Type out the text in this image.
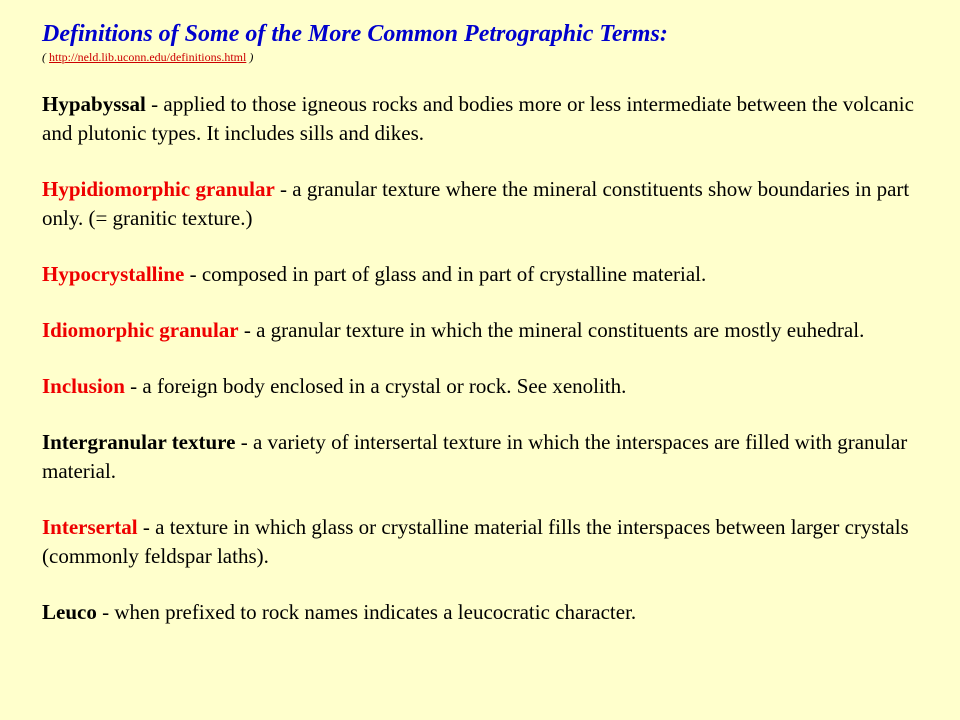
Definitions of Some of the More Common Petrographic Terms:
( http://neld.lib.uconn.edu/definitions.html )

Hypabyssal - applied to those igneous rocks and bodies more or less intermediate between the volcanic and plutonic types. It includes sills and dikes.

Hypidiomorphic granular - a granular texture where the mineral constituents show boundaries in part only. (= granitic texture.)

Hypocrystalline - composed in part of glass and in part of crystalline material.

Idiomorphic granular - a granular texture in which the mineral constituents are mostly euhedral.

Inclusion - a foreign body enclosed in a crystal or rock. See xenolith.

Intergranular texture - a variety of intersertal texture in which the interspaces are filled with granular material.

Intersertal - a texture in which glass or crystalline material fills the interspaces between larger crystals (commonly feldspar laths).

Leuco - when prefixed to rock names indicates a leucocratic character.
